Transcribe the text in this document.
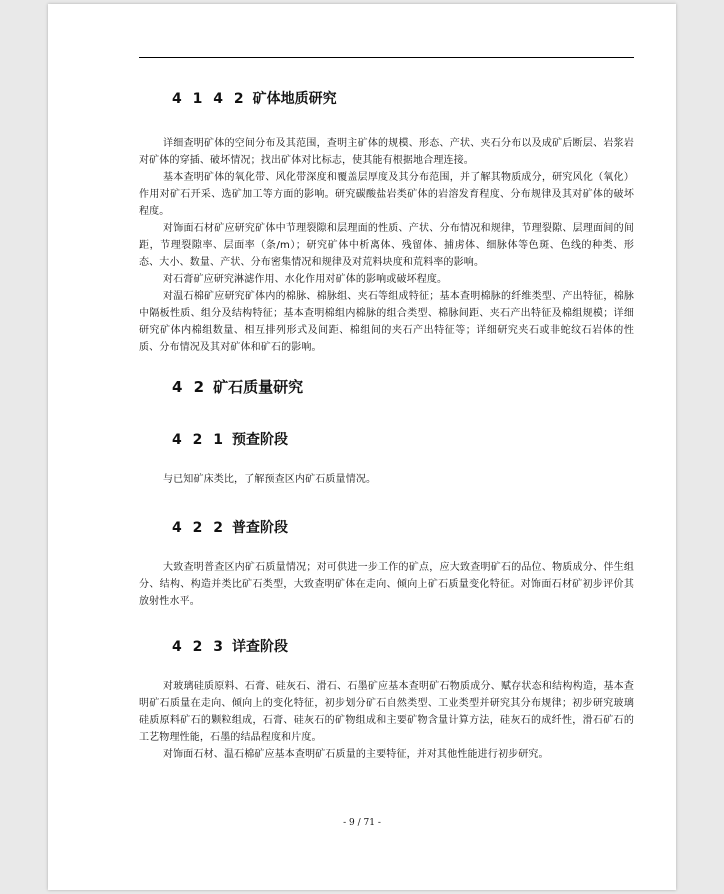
4 1 4 2 矿体地质研究

详细查明矿体的空间分布及其范围，查明主矿体的规模、形态、产状、夹石分布以及成矿后断层、岩浆岩对矿体的穿插、破坏情况；找出矿体对比标志，使其能有根据地合理连接。

基本查明矿体的氧化带、风化带深度和覆盖层厚度及其分布范围，并了解其物质成分，研究风化（氧化）作用对矿石开采、选矿加工等方面的影响。研究碳酸盐岩类矿体的岩溶发育程度、分布规律及其对矿体的破坏程度。

对饰面石材矿应研究矿体中节理裂隙和层理面的性质、产状、分布情况和规律，节理裂隙、层理面间的间距，节理裂隙率、层面率（条/m）；研究矿体中析离体、残留体、捕虏体、细脉体等色斑、色线的种类、形态、大小、数量、产状、分布密集情况和规律及对荒料块度和荒料率的影响。

对石膏矿应研究淋滤作用、水化作用对矿体的影响或破坏程度。

对温石棉矿应研究矿体内的棉脉、棉脉组、夹石等组成特征；基本查明棉脉的纤维类型、产出特征，棉脉中隔板性质、组分及结构特征；基本查明棉组内棉脉的组合类型、棉脉间距、夹石产出特征及棉组规模；详细研究矿体内棉组数量、相互排列形式及间距、棉组间的夹石产出特征等；详细研究夹石或非蛇纹石岩体的性质、分布情况及其对矿体和矿石的影响。

4 2 矿石质量研究
4 2 1 预查阶段

与已知矿床类比，了解预查区内矿石质量情况。

4 2 2 普查阶段

大致查明普查区内矿石质量情况；对可供进一步工作的矿点，应大致查明矿石的品位、物质成分、伴生组分、结构、构造并类比矿石类型，大致查明矿体在走向、倾向上矿石质量变化特征。对饰面石材矿初步评价其放射性水平。

4 2 3 详查阶段

对玻璃硅质原料、石膏、硅灰石、滑石、石墨矿应基本查明矿石物质成分、赋存状态和结构构造，基本查明矿石质量在走向、倾向上的变化特征，初步划分矿石自然类型、工业类型并研究其分布规律；初步研究玻璃硅质原料矿石的颗粒组成，石膏、硅灰石的矿物组成和主要矿物含量计算方法，硅灰石的成纤性，滑石矿石的工艺物理性能，石墨的结晶程度和片度。

对饰面石材、温石棉矿应基本查明矿石质量的主要特征，并对其他性能进行初步研究。

- 9 / 71 -
